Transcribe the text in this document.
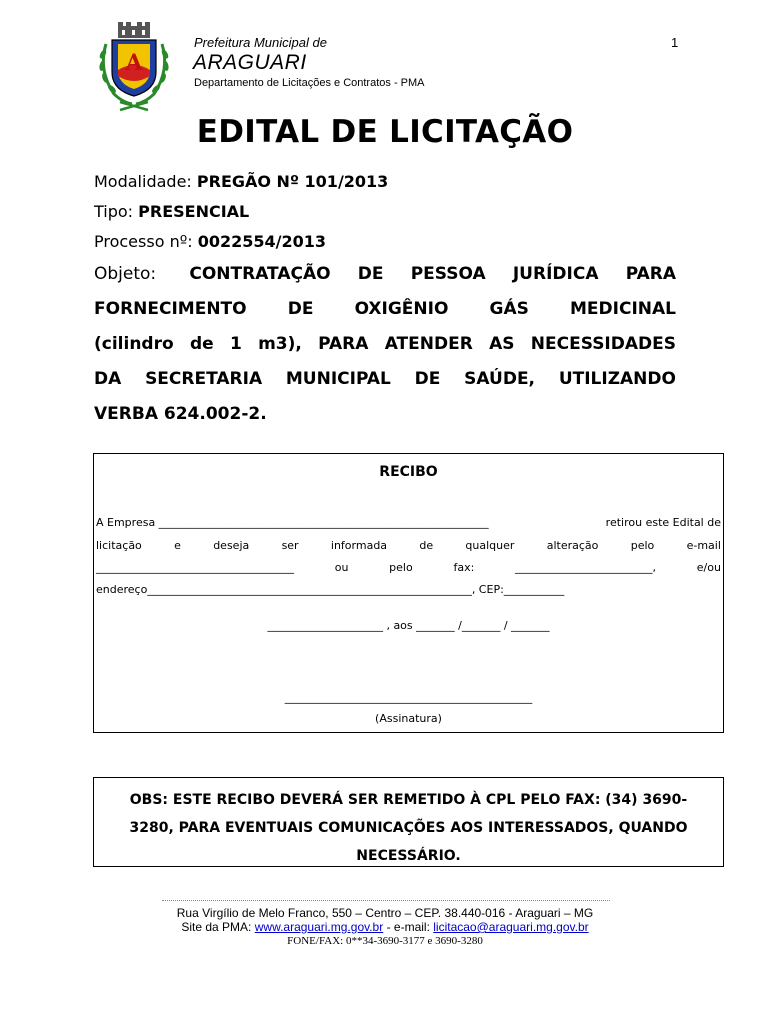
A
Prefeitura Municipal de
ARAGUARI
Departamento de Licitações e Contratos - PMA
1
EDITAL DE LICITAÇÃO
Modalidade: PREGÃO Nº 101/2013
Tipo: PRESENCIAL
Processo nº: 0022554/2013
Objeto: CONTRATAÇÃO DE PESSOA JURÍDICA PARA
FORNECIMENTO DE OXIGÊNIO GÁS MEDICINAL
(cilindro de 1 m3), PARA ATENDER AS NECESSIDADES
DA SECRETARIA MUNICIPAL DE SAÚDE, UTILIZANDO
VERBA 624.002-2.
RECIBO
A Empresa ____________________________________________________________	retirou este Edital de
licitação	e	deseja	ser	informada	de	qualquer	alteração	pelo	e-mail
____________________________________	ou	pelo	fax:	_________________________,	e/ou
endereço___________________________________________________________, CEP:___________
_____________________ , aos _______ /_______ / _______
_____________________________________________
(Assinatura)
OBS: ESTE RECIBO DEVERÁ SER REMETIDO À CPL PELO FAX: (34) 3690-
3280, PARA EVENTUAIS COMUNICAÇÕES AOS INTERESSADOS, QUANDO
NECESSÁRIO.
Rua Virgílio de Melo Franco, 550 – Centro – CEP. 38.440-016 - Araguari – MG
Site da PMA: www.araguari.mg.gov.br - e-mail: licitacao@araguari.mg.gov.br
FONE/FAX: 0**34-3690-3177 e 3690-3280
